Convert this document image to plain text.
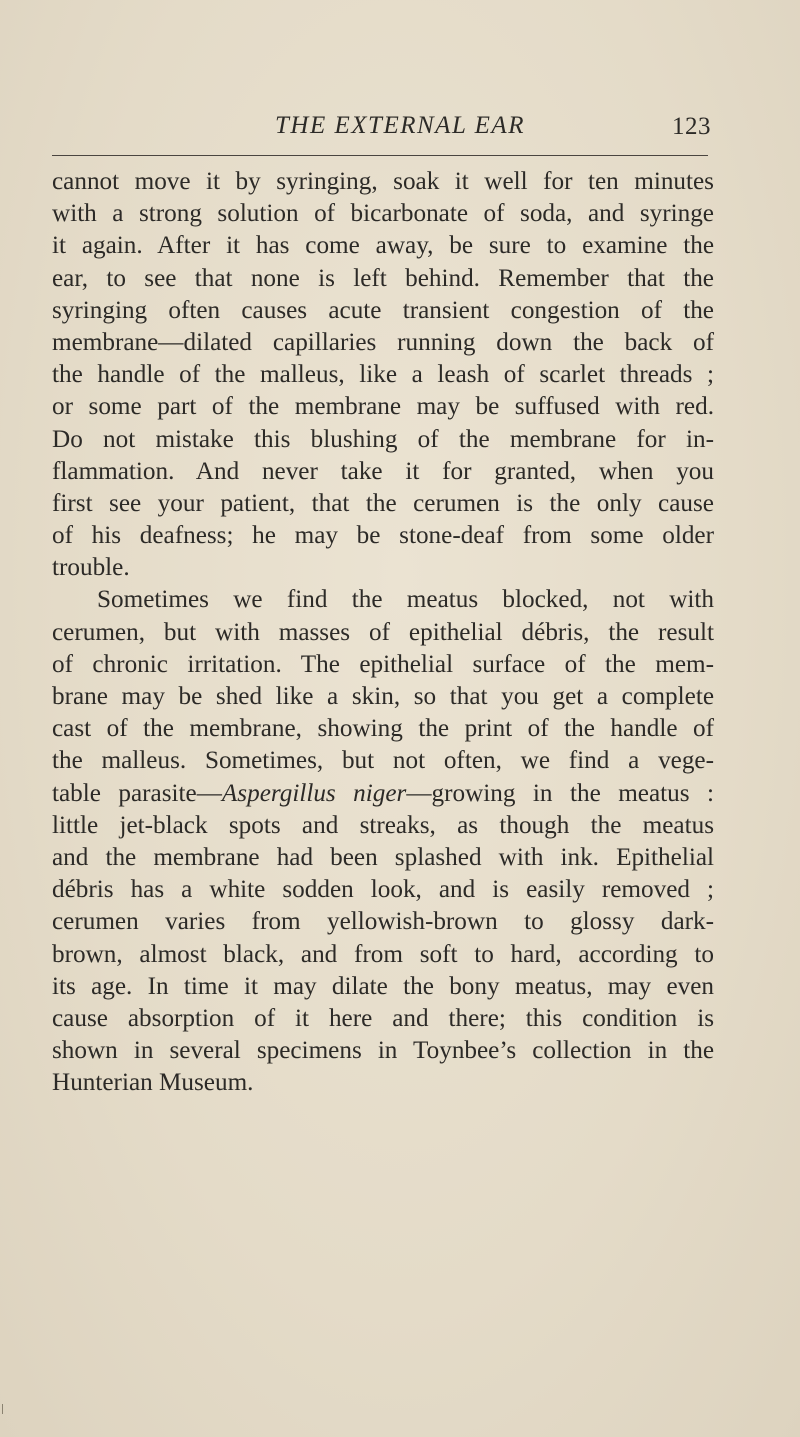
THE EXTERNAL EAR	123
cannot move it by syringing, soak it well for ten minutes
with a strong solution of bicarbonate of soda, and syringe
it again. After it has come away, be sure to examine the
ear, to see that none is left behind. Remember that the
syringing often causes acute transient congestion of the
membrane—dilated capillaries running down the back of
the handle of the malleus, like a leash of scarlet threads ;
or some part of the membrane may be suffused with red.
Do not mistake this blushing of the membrane for in-
flammation. And never take it for granted, when you
first see your patient, that the cerumen is the only cause
of his deafness; he may be stone-deaf from some older
trouble.
Sometimes we find the meatus blocked, not with
cerumen, but with masses of epithelial débris, the result
of chronic irritation. The epithelial surface of the mem-
brane may be shed like a skin, so that you get a complete
cast of the membrane, showing the print of the handle of
the malleus. Sometimes, but not often, we find a vege-
table parasite—Aspergillus niger—growing in the meatus :
little jet-black spots and streaks, as though the meatus
and the membrane had been splashed with ink. Epithelial
débris has a white sodden look, and is easily removed ;
cerumen varies from yellowish-brown to glossy dark-
brown, almost black, and from soft to hard, according to
its age. In time it may dilate the bony meatus, may even
cause absorption of it here and there; this condition is
shown in several specimens in Toynbee’s collection in the
Hunterian Museum.
